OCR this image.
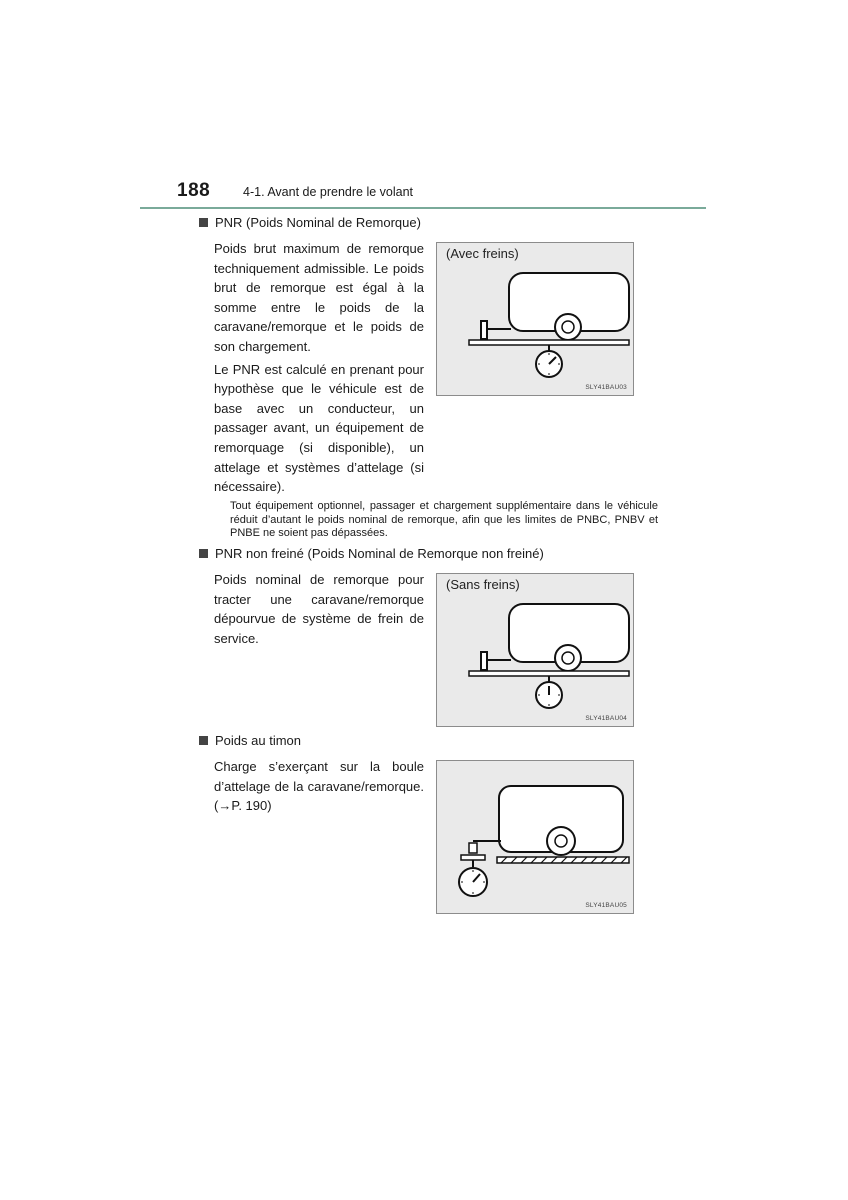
188	4-1. Avant de prendre le volant
PNR (Poids Nominal de Remorque)

Poids brut maximum de remorque techniquement admissible. Le poids brut de remorque est égal à la somme entre le poids de la caravane/remorque et le poids de son chargement.

Le PNR est calculé en prenant pour hypothèse que le véhicule est de base avec un conducteur, un passager avant, un équipement de remorquage (si disponible), un attelage et systèmes d’attelage (si nécessaire).

(Avec freins)
SLY41BAU03
Tout équipement optionnel, passager et chargement supplémentaire dans le véhicule réduit d’autant le poids nominal de remorque, afin que les limites de PNBC, PNBV et PNBE ne soient pas dépassées.
PNR non freiné (Poids Nominal de Remorque non freiné)

Poids nominal de remorque pour tracter une caravane/remorque dépourvue de système de frein de service.

(Sans freins)
SLY41BAU04
Poids au timon

Charge s’exerçant sur la boule d’attelage de la caravane/remorque. (→P. 190)

SLY41BAU05
